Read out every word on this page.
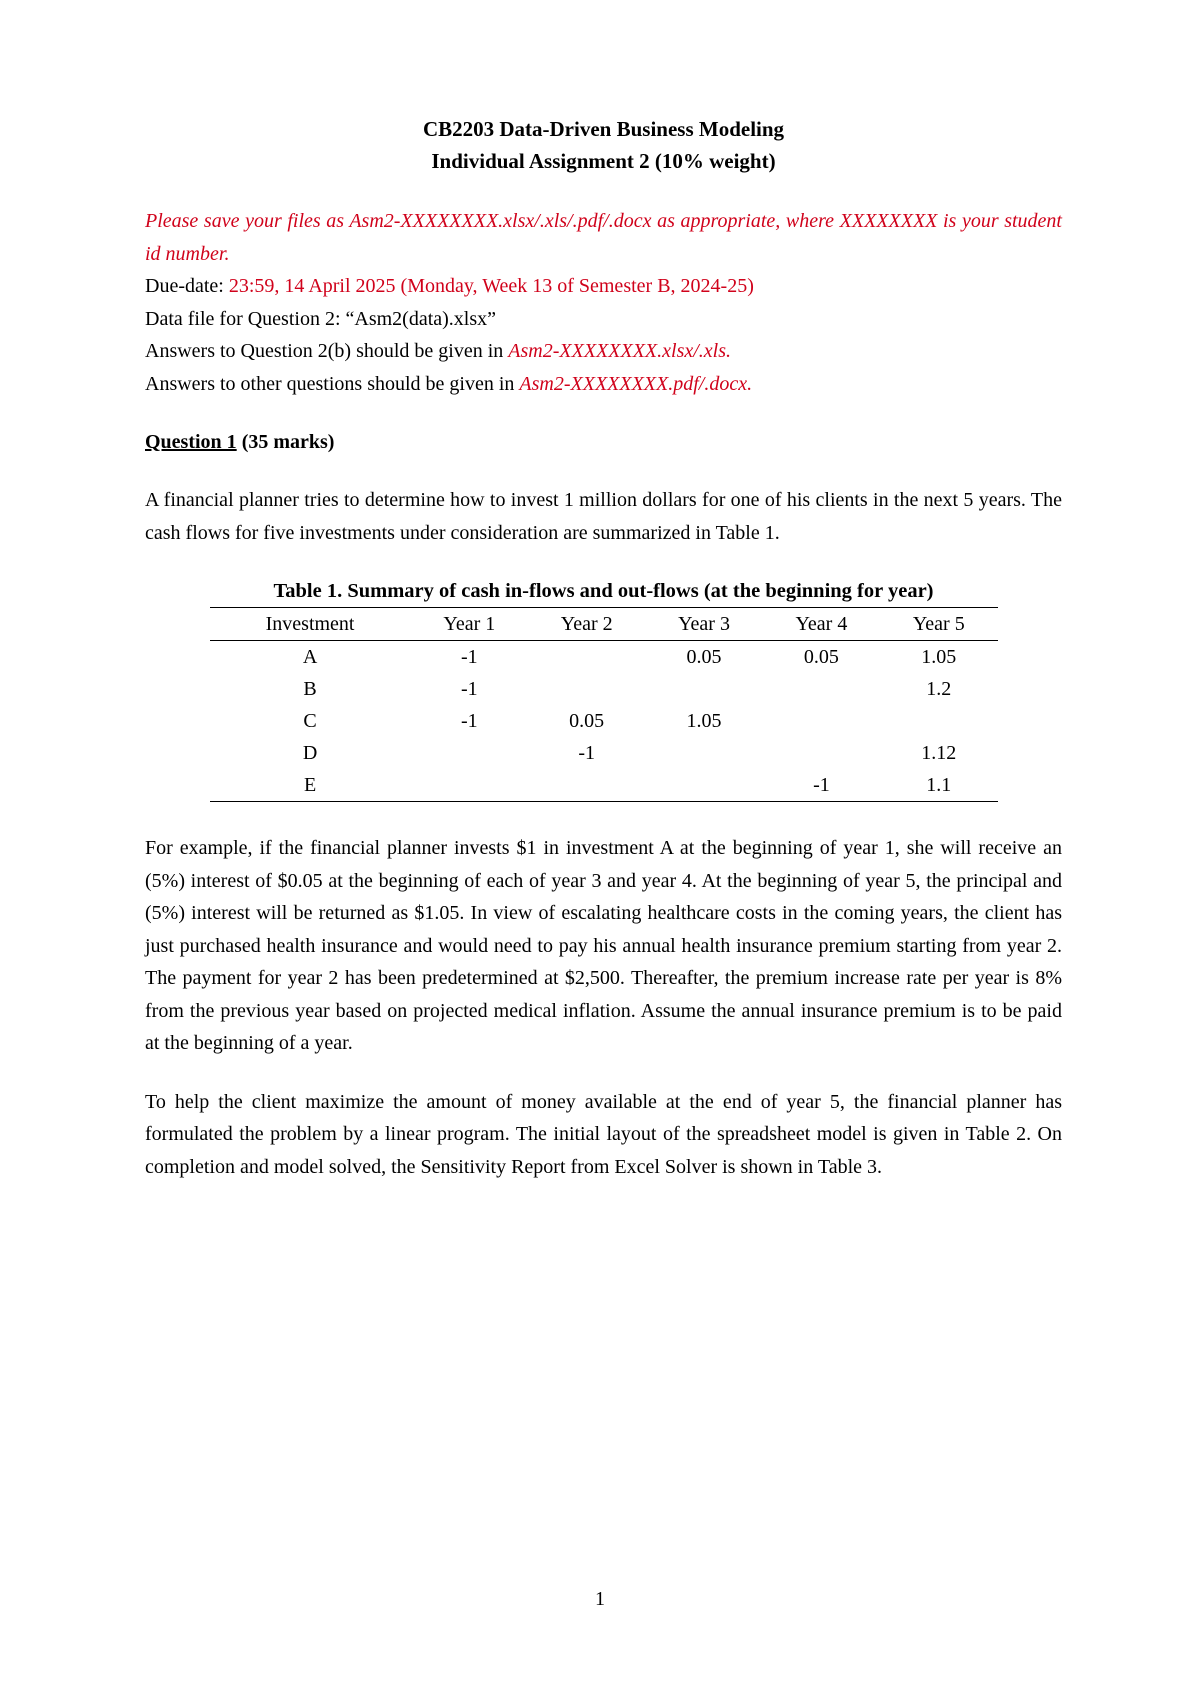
CB2203 Data-Driven Business Modeling
Individual Assignment 2 (10% weight)

Please save your files as Asm2-XXXXXXXX.xlsx/.xls/.pdf/.docx as appropriate, where XXXXXXXX is your student id number.

Due-date: 23:59, 14 April 2025 (Monday, Week 13 of Semester B, 2024-25)

Data file for Question 2: “Asm2(data).xlsx”

Answers to Question 2(b) should be given in Asm2-XXXXXXXX.xlsx/.xls.

Answers to other questions should be given in Asm2-XXXXXXXX.pdf/.docx.

Question 1 (35 marks)

A financial planner tries to determine how to invest 1 million dollars for one of his clients in the next 5 years. The cash flows for five investments under consideration are summarized in Table 1.

Table 1. Summary of cash in-flows and out-flows (at the beginning for year)
Investment	Year 1	Year 2	Year 3	Year 4	Year 5
A	-1		0.05	0.05	1.05
B	-1				1.2
C	-1	0.05	1.05		
D		-1			1.12
E				-1	1.1

For example, if the financial planner invests $1 in investment A at the beginning of year 1, she will receive an (5%) interest of $0.05 at the beginning of each of year 3 and year 4. At the beginning of year 5, the principal and (5%) interest will be returned as $1.05. In view of escalating healthcare costs in the coming years, the client has just purchased health insurance and would need to pay his annual health insurance premium starting from year 2. The payment for year 2 has been predetermined at $2,500. Thereafter, the premium increase rate per year is 8% from the previous year based on projected medical inflation. Assume the annual insurance premium is to be paid at the beginning of a year.

To help the client maximize the amount of money available at the end of year 5, the financial planner has formulated the problem by a linear program. The initial layout of the spreadsheet model is given in Table 2. On completion and model solved, the Sensitivity Report from Excel Solver is shown in Table 3.

1
